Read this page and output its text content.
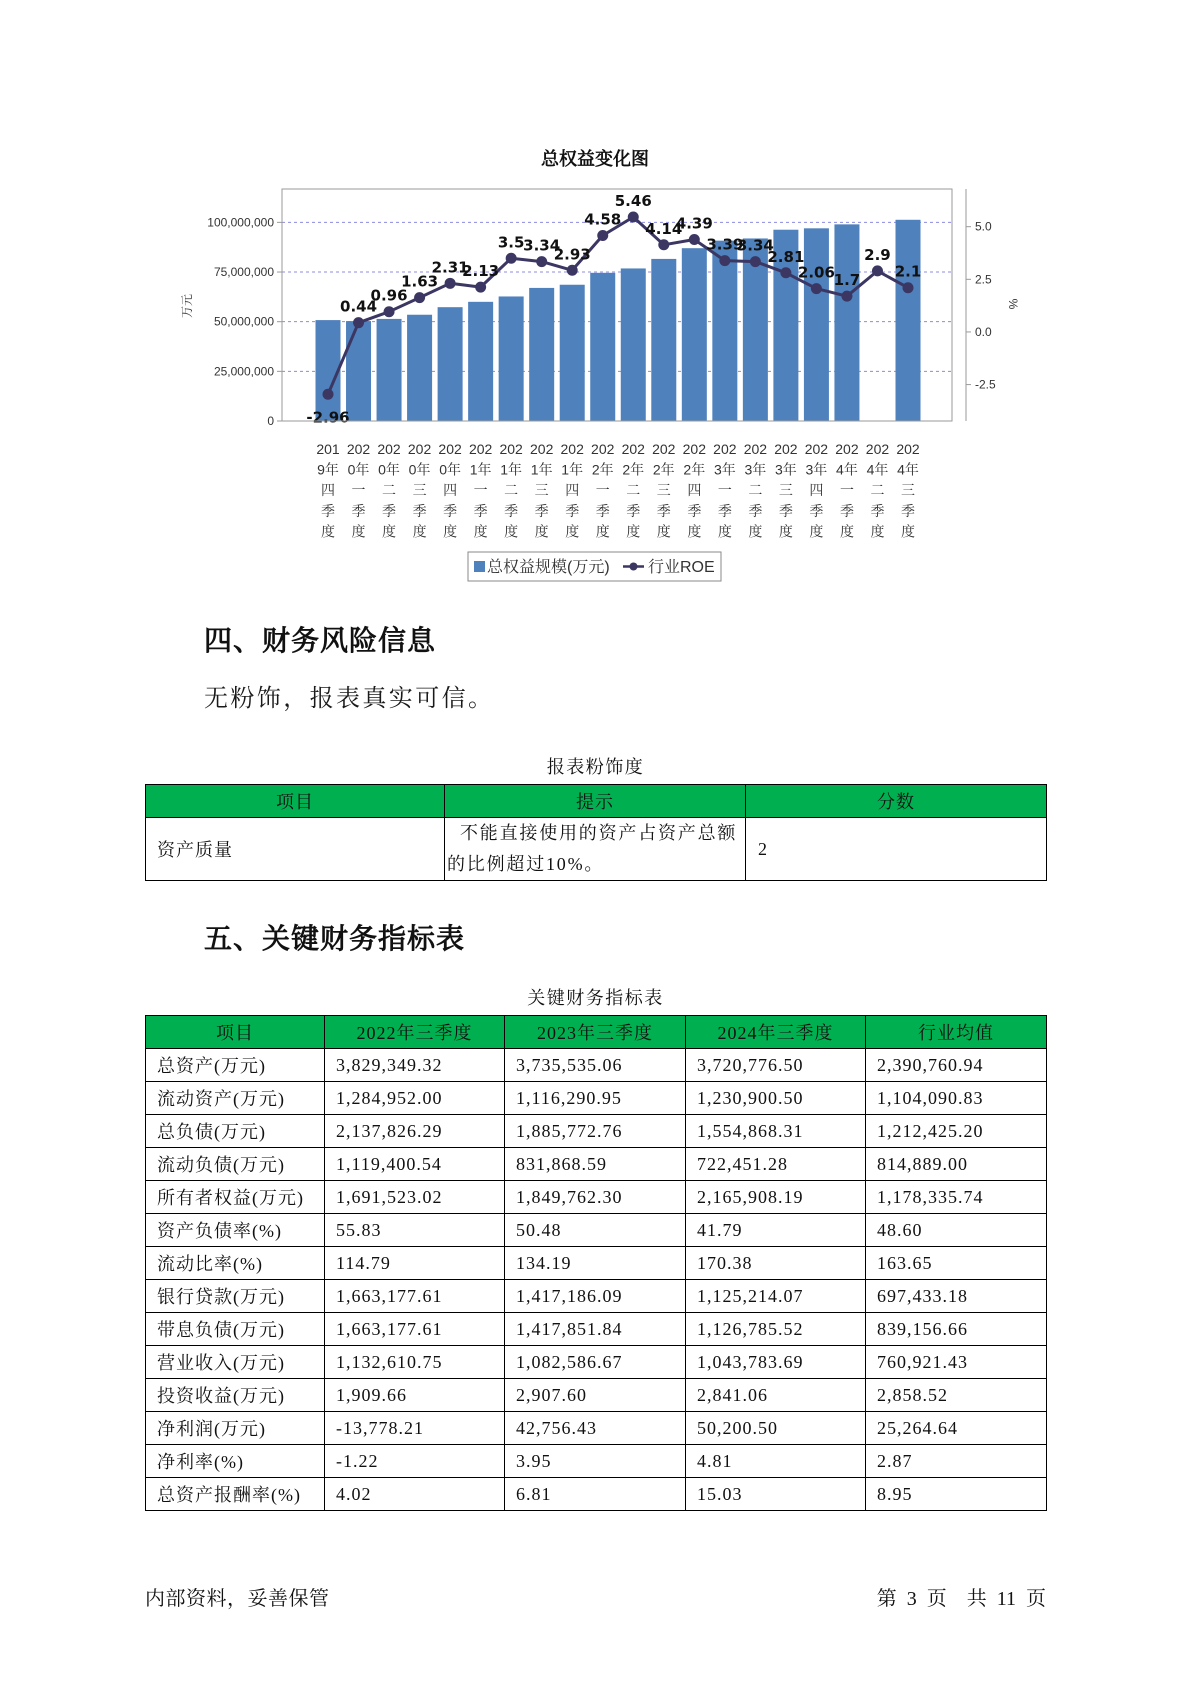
总权益变化图
0
25,000,000
50,000,000
75,000,000
100,000,000
-2.5
0.0
2.5
5.0
-2.96
0.44
0.96
1.63
2.31
2.13
3.5
3.34
2.93
4.58
5.46
4.14
4.39
3.39
3.34
2.81
2.06
1.7
2.9
2.1
201 9年四季度
202 0年一季度
202 0年二季度
202 0年三季度
202 0年四季度
202 1年一季度
202 1年二季度
202 1年三季度
202 1年四季度
202 2年一季度
202 2年二季度
202 2年三季度
202 2年四季度
202 3年一季度
202 3年二季度
202 3年三季度
202 3年四季度
202 4年一季度
202 4年二季度
202 4年三季度
万元	%
总权益规模(万元) 行业ROE
四、财务风险信息
无粉饰，报表真实可信。
报表粉饰度
项目	提示	分数
资产质量	不能直接使用的资产占资产总额的比例超过10%。	2
五、关键财务指标表
关键财务指标表
项目	2022年三季度	2023年三季度	2024年三季度	行业均值
总资产(万元)	3,829,349.32	3,735,535.06	3,720,776.50	2,390,760.94
流动资产(万元)	1,284,952.00	1,116,290.95	1,230,900.50	1,104,090.83
总负债(万元)	2,137,826.29	1,885,772.76	1,554,868.31	1,212,425.20
流动负债(万元)	1,119,400.54	831,868.59	722,451.28	814,889.00
所有者权益(万元)	1,691,523.02	1,849,762.30	2,165,908.19	1,178,335.74
资产负债率(%)	55.83	50.48	41.79	48.60
流动比率(%)	114.79	134.19	170.38	163.65
银行贷款(万元)	1,663,177.61	1,417,186.09	1,125,214.07	697,433.18
带息负债(万元)	1,663,177.61	1,417,851.84	1,126,785.52	839,156.66
营业收入(万元)	1,132,610.75	1,082,586.67	1,043,783.69	760,921.43
投资收益(万元)	1,909.66	2,907.60	2,841.06	2,858.52
净利润(万元)	-13,778.21	42,756.43	50,200.50	25,264.64
净利率(%)	-1.22	3.95	4.81	2.87
总资产报酬率(%)	4.02	6.81	15.03	8.95
内部资料，妥善保管	第 3 页  共 11 页
